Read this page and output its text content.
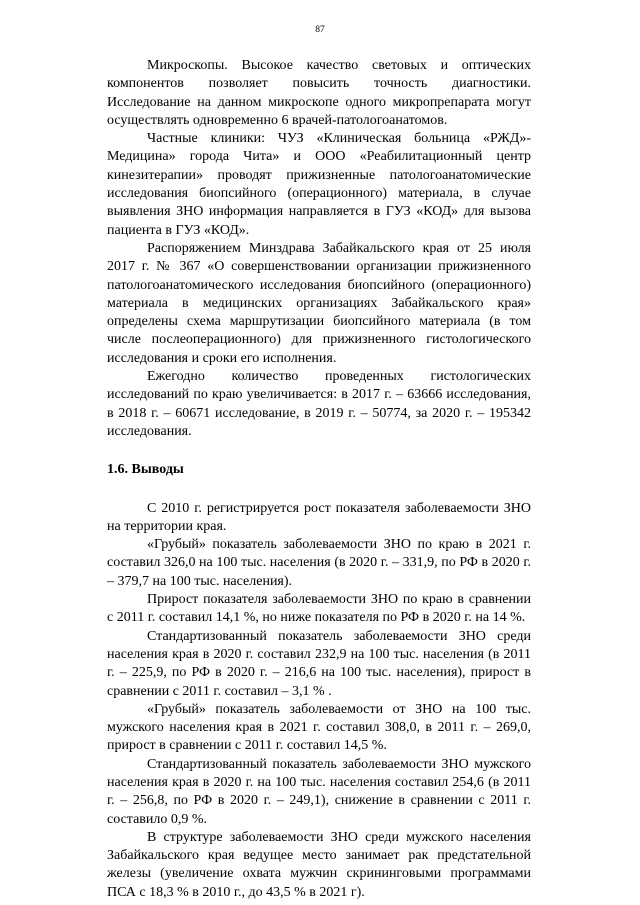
87

Микроскопы. Высокое качество световых и оптических компонентов позволяет повысить точность диагностики. Исследование на данном микроскопе одного микропрепарата могут осуществлять одновременно 6 врачей-патологоанатомов.

Частные клиники: ЧУЗ «Клиническая больница «РЖД»-Медицина» города Чита» и ООО «Реабилитационный центр кинезитерапии» проводят прижизненные патологоанатомические исследования биопсийного (операционного) материала, в случае выявления ЗНО информация направляется в ГУЗ «КОД» для вызова пациента в ГУЗ «КОД».

Распоряжением Минздрава Забайкальского края от 25 июля 2017 г. № 367 «О совершенствовании организации прижизненного патологоанатомического исследования биопсийного (операционного) материала в медицинских организациях Забайкальского края» определены схема маршрутизации биопсийного материала (в том числе послеоперационного) для прижизненного гистологического исследования и сроки его исполнения.

Ежегодно количество проведенных гистологических исследований по краю увеличивается: в 2017 г. – 63666 исследования, в 2018 г. – 60671 исследование, в 2019 г. – 50774, за 2020 г. – 195342 исследования.

1.6. Выводы

С 2010 г. регистрируется рост показателя заболеваемости ЗНО на территории края.

«Грубый» показатель заболеваемости ЗНО по краю в 2021 г. составил 326,0 на 100 тыс. населения (в 2020 г. – 331,9, по РФ в 2020 г. – 379,7 на 100 тыс. населения).

Прирост показателя заболеваемости ЗНО по краю в сравнении с 2011 г. составил 14,1 %, но ниже показателя по РФ в 2020 г. на 14 %.

Стандартизованный показатель заболеваемости ЗНО среди населения края в 2020 г. составил 232,9 на 100 тыс. населения (в 2011 г. – 225,9, по РФ в 2020 г. – 216,6 на 100 тыс. населения), прирост в сравнении с 2011 г. составил – 3,1 % .

«Грубый» показатель заболеваемости от ЗНО на 100 тыс. мужского населения края в 2021 г. составил 308,0, в 2011 г. – 269,0, прирост в сравнении с 2011 г. составил 14,5 %.

Стандартизованный показатель заболеваемости ЗНО мужского населения края в 2020 г. на 100 тыс. населения составил 254,6 (в 2011 г. – 256,8, по РФ в 2020 г. – 249,1), снижение в сравнении с 2011 г. составило 0,9 %.

В структуре заболеваемости ЗНО среди мужского населения Забайкальского края ведущее место занимает рак предстательной железы (увеличение охвата мужчин скрининговыми программами ПСА с 18,3 % в 2010 г., до 43,5 % в 2021 г).
